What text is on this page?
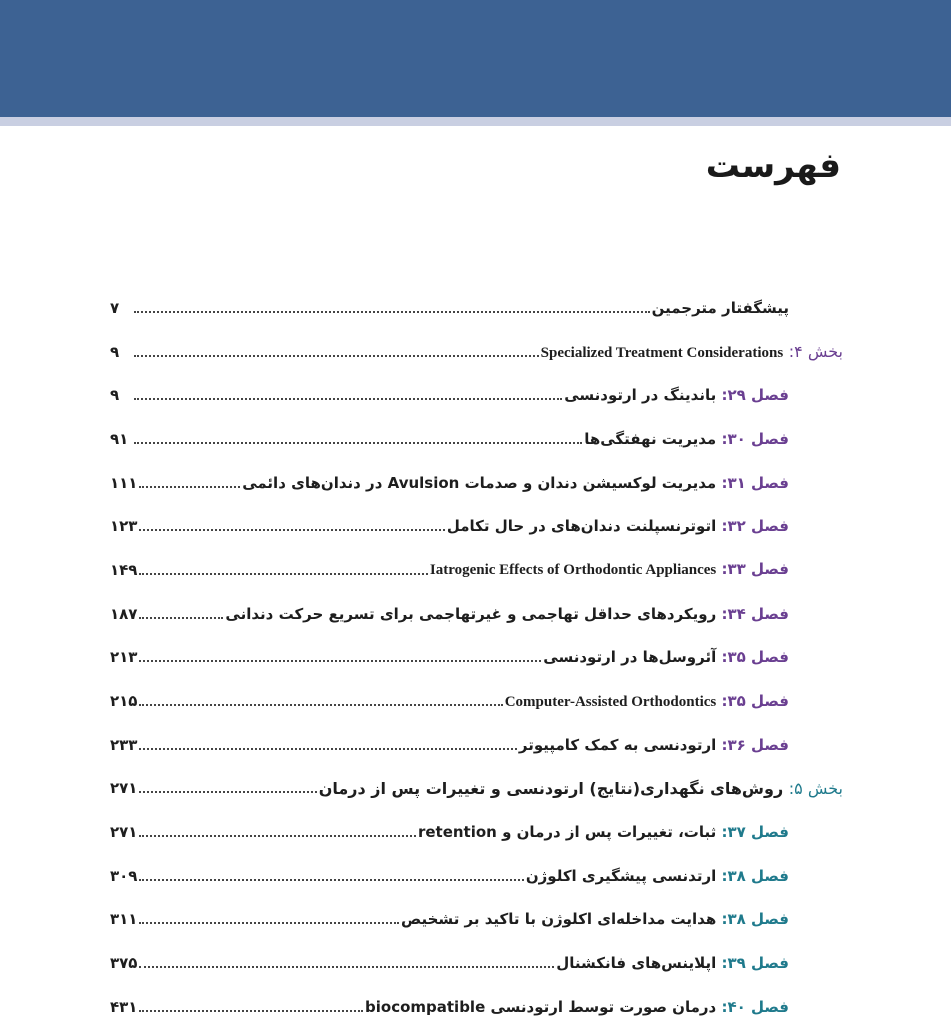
فهرست
پیشگفتار مترجمین
۷
بخش ۴: Specialized Treatment Considerations
۹
فصل ۲۹: باندینگ در ارتودنسی
۹
فصل ۳۰: مدیریت نهفتگی‌ها
۹۱
فصل ۳۱: مدیریت لوکسیشن دندان و صدمات Avulsion در دندان‌های دائمی
۱۱۱
فصل ۳۲: اتوترنسپلنت دندان‌های در حال تکامل
۱۲۳
فصل ۳۳: Iatrogenic Effects of Orthodontic Appliances
۱۴۹
فصل ۳۴: رویکردهای حداقل تهاجمی و غیرتهاجمی برای تسریع حرکت دندانی
۱۸۷
فصل ۳۵: آئروسل‌ها در ارتودنسی
۲۱۳
فصل ۳۵: Computer-Assisted Orthodontics
۲۱۵
فصل ۳۶: ارتودنسی به کمک کامپیوتر
۲۳۳
بخش ۵: روش‌های نگهداری(نتایج) ارتودنسی و تغییرات پس از درمان
۲۷۱
فصل ۳۷: ثبات، تغییرات پس از درمان و retention
۲۷۱
فصل ۳۸: ارتدنسی پیشگیری اکلوژن
۳۰۹
فصل ۳۸: هدایت مداخله‌ای اکلوژن با تاکید بر تشخیص
۳۱۱
فصل ۳۹: اپلاینس‌های فانکشنال
۳۷۵
فصل ۴۰: درمان صورت توسط ارتودنسی biocompatible
۴۳۱
